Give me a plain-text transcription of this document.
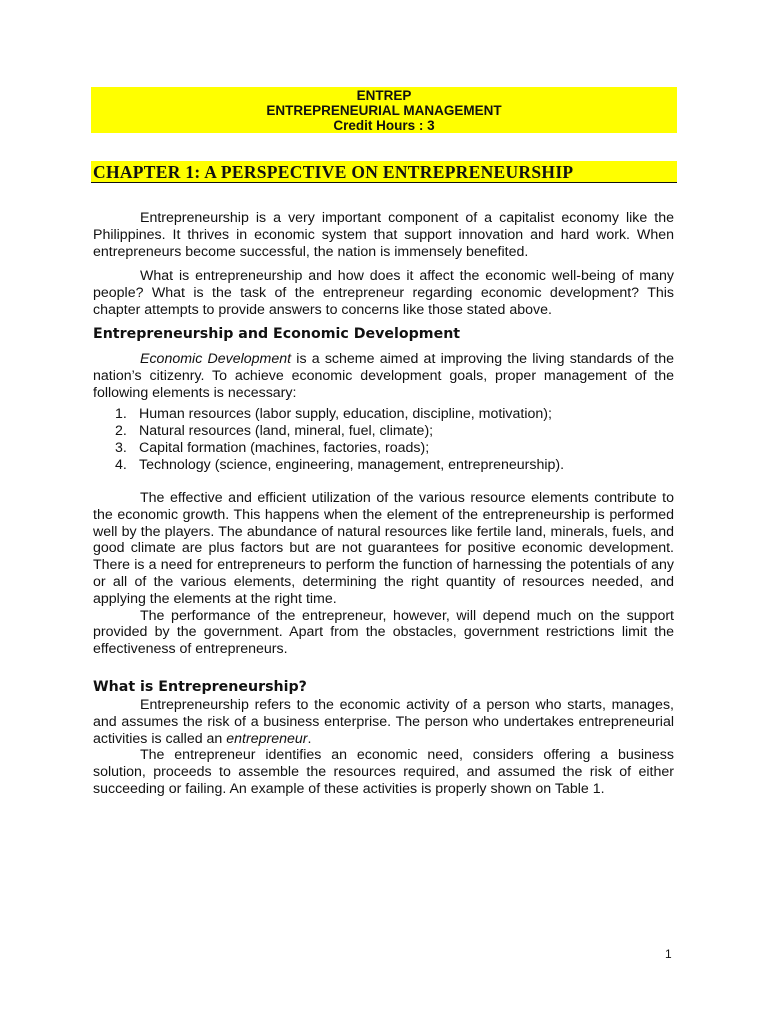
ENTREP
ENTREPRENEURIAL MANAGEMENT
Credit Hours : 3
CHAPTER 1: A PERSPECTIVE ON ENTREPRENEURSHIP

Entrepreneurship is a very important component of a capitalist economy like the Philippines. It thrives in economic system that support innovation and hard work. When entrepreneurs become successful, the nation is immensely benefited.

What is entrepreneurship and how does it affect the economic well-being of many people? What is the task of the entrepreneur regarding economic development? This chapter attempts to provide answers to concerns like those stated above.

Entrepreneurship and Economic Development

Economic Development is a scheme aimed at improving the living standards of the nation’s citizenry. To achieve economic development goals, proper management of the following elements is necessary:

1. Human resources (labor supply, education, discipline, motivation);
2. Natural resources (land, mineral, fuel, climate);
3. Capital formation (machines, factories, roads);
4. Technology (science, engineering, management, entrepreneurship).

The effective and efficient utilization of the various resource elements contribute to the economic growth. This happens when the element of the entrepreneurship is performed well by the players. The abundance of natural resources like fertile land, minerals, fuels, and good climate are plus factors but are not guarantees for positive economic development. There is a need for entrepreneurs to perform the function of harnessing the potentials of any or all of the various elements, determining the right quantity of resources needed, and applying the elements at the right time.

The performance of the entrepreneur, however, will depend much on the support provided by the government. Apart from the obstacles, government restrictions limit the effectiveness of entrepreneurs.

What is Entrepreneurship?

Entrepreneurship refers to the economic activity of a person who starts, manages, and assumes the risk of a business enterprise. The person who undertakes entrepreneurial activities is called an entrepreneur.

The entrepreneur identifies an economic need, considers offering a business solution, proceeds to assemble the resources required, and assumed the risk of either succeeding or failing. An example of these activities is properly shown on Table 1.

1
